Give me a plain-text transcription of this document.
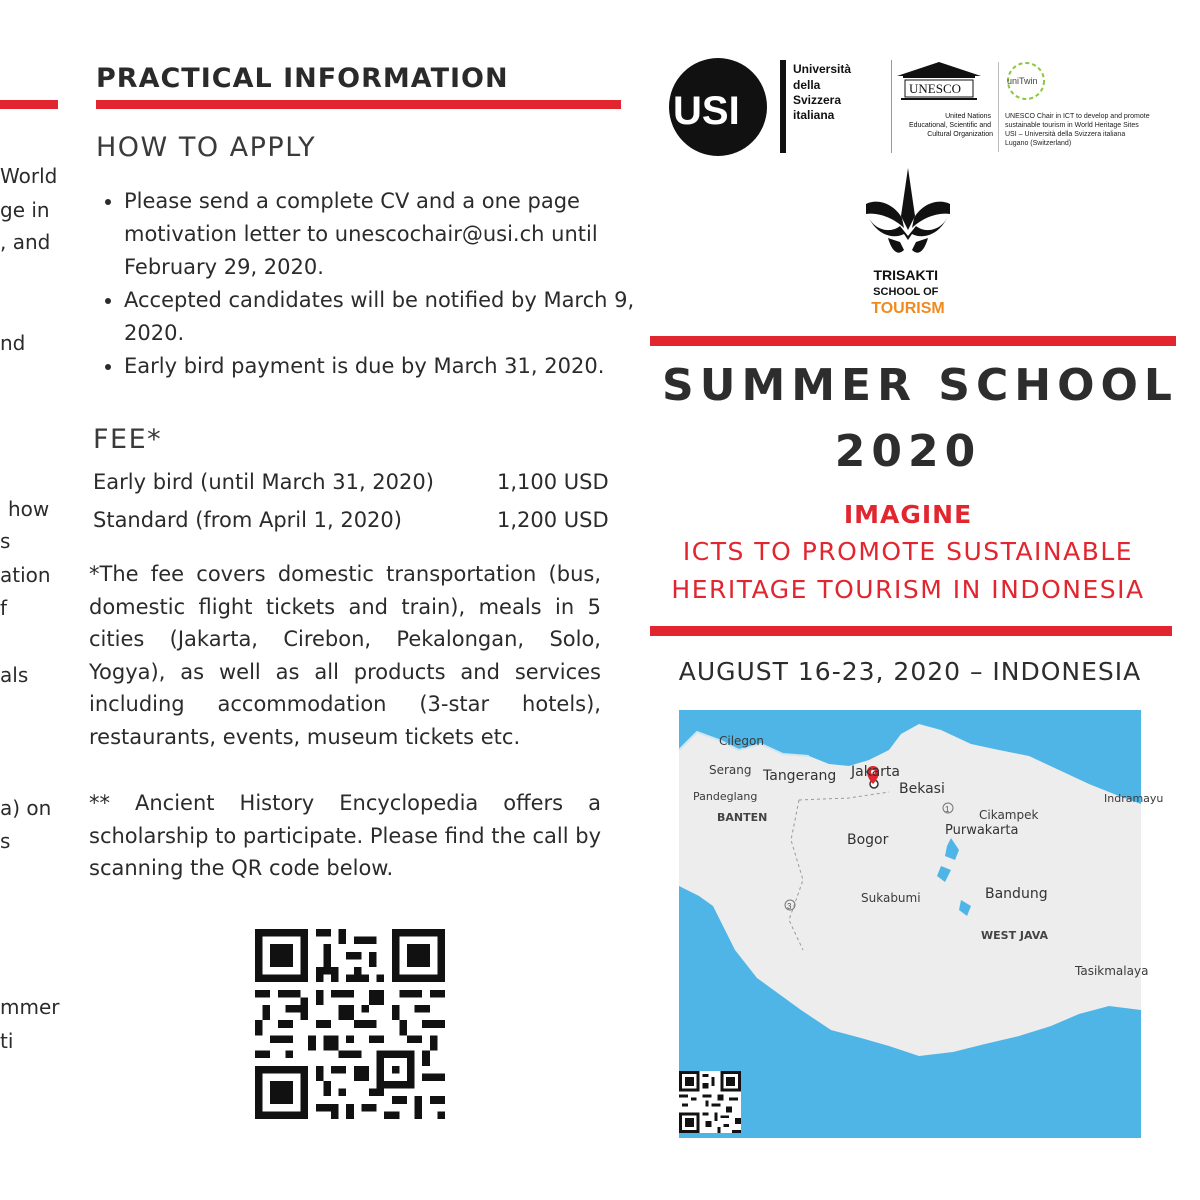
World
ge in
, and
nd
how
s
ation
f
als
a) on
s
mmer
ti
PRACTICAL INFORMATION
HOW TO APPLY
• Please send a complete CV and a one page motivation letter to unescochair@usi.ch until February 29, 2020.
• Accepted candidates will be notified by March 9, 2020.
• Early bird payment is due by March 31, 2020.
FEE*
Early bird (until March 31, 2020)	1,100 USD
Standard (from April 1, 2020)	1,200 USD
*The fee covers domestic transportation (bus, domestic flight tickets and train), meals in 5 cities (Jakarta, Cirebon, Pekalongan, Solo, Yogya), as well as all products and services including accommodation (3-star hotels), restaurants, events, museum tickets etc.
** Ancient History Encyclopedia offers a scholarship to participate. Please find the call by scanning the QR code below.
USI
Università della Svizzera italiana
UNESCO
United Nations Educational, Scientific and Cultural Organization
uniTwin
UNESCO Chair in ICT to develop and promote sustainable tourism in World Heritage Sites USI – Università della Svizzera italiana Lugano (Switzerland)
TRISAKTI SCHOOL OF TOURISM
SUMMER SCHOOL
2020
IMAGINE
ICTS TO PROMOTE SUSTAINABLE
HERITAGE TOURISM IN INDONESIA
AUGUST 16-23, 2020 – INDONESIA
3
1
Cilegon
Serang Tangerang Jakarta
Bekasi
Pandeglang
BANTEN
Indramayu
Cikampek
Purwakarta
Bogor
Sukabumi	Bandung
WEST JAVA
Tasikmalaya
